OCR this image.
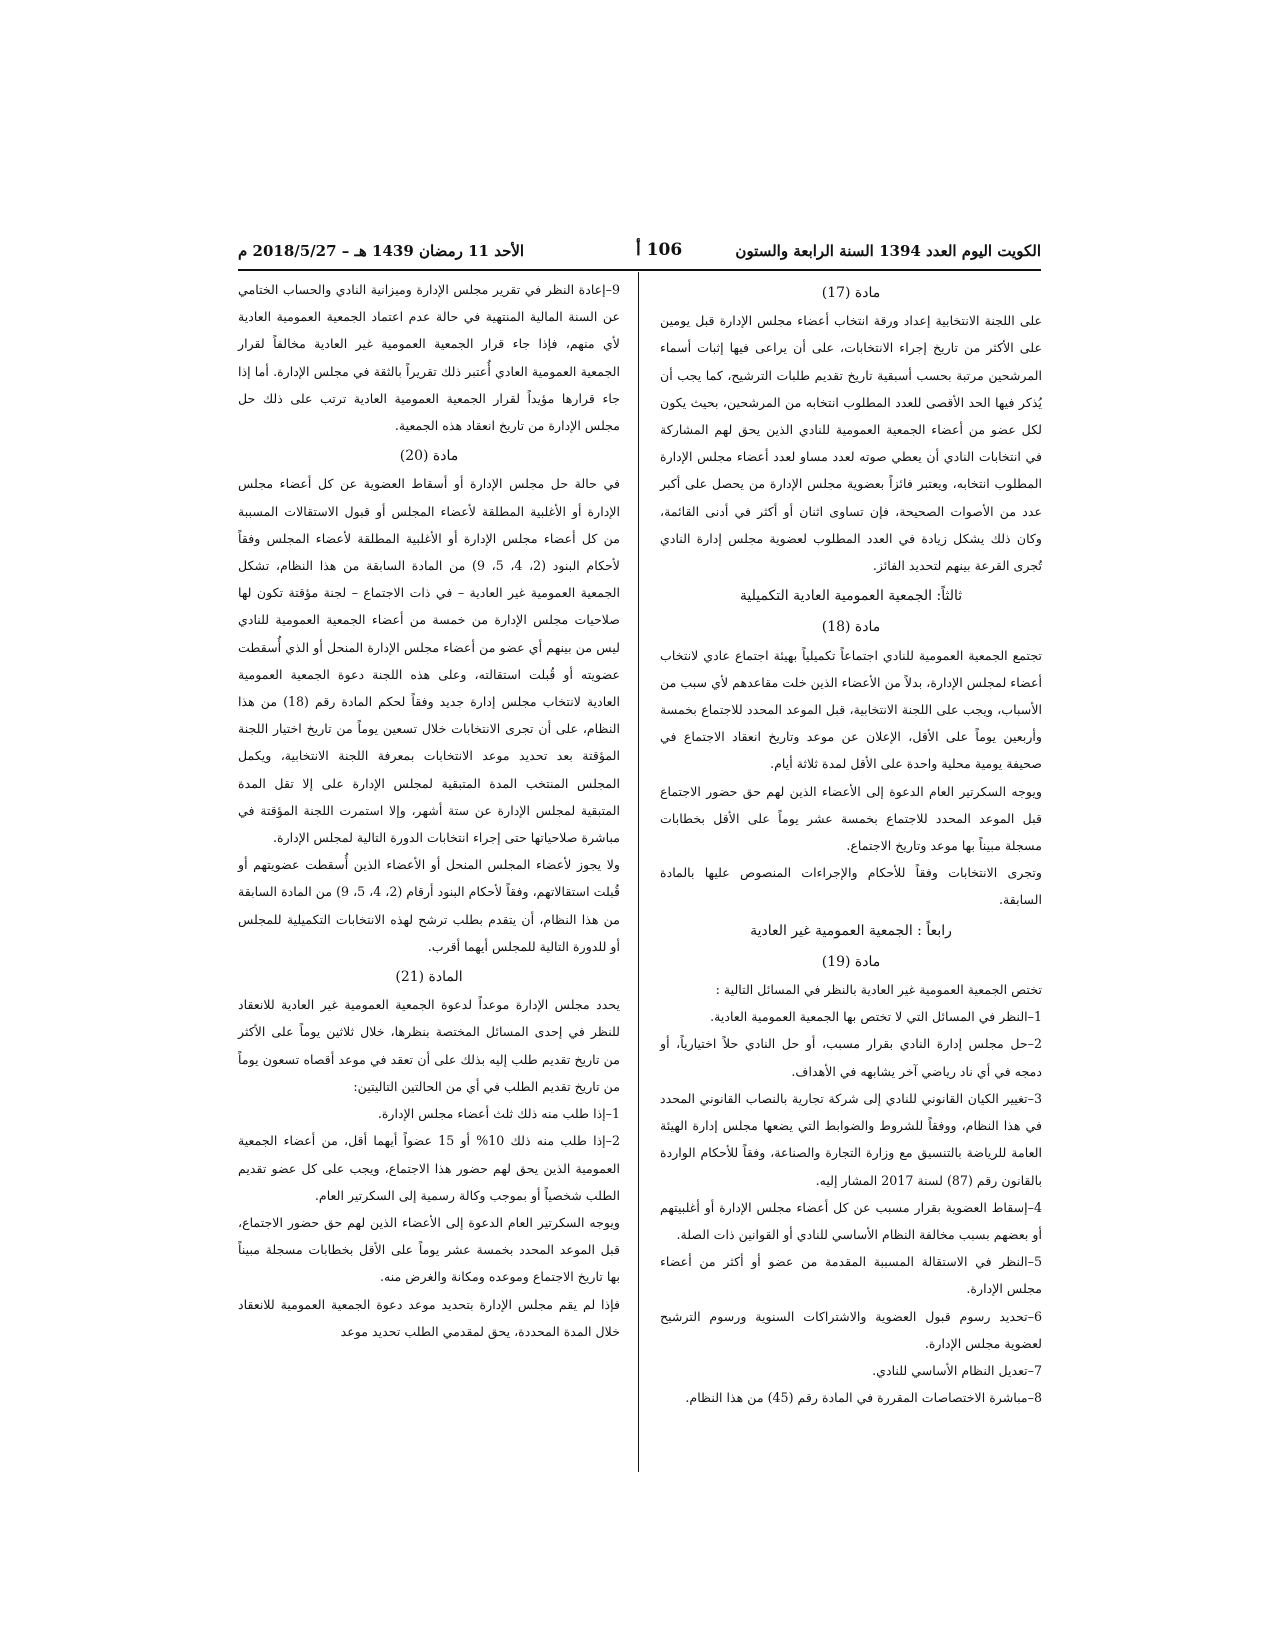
الكويت اليوم العدد 1394 السنة الرابعة والستون
106 أ
الأحد 11 رمضان 1439 هـ – 2018/5/27 م

مادة (17)

على اللجنة الانتخابية إعداد ورقة انتخاب أعضاء مجلس الإدارة قبل يومين على الأكثر من تاريخ إجراء الانتخابات، على أن يراعى فيها إثبات أسماء المرشحين مرتبة بحسب أسبقية تاريخ تقديم طلبات الترشيح، كما يجب أن يُذكر فيها الحد الأقصى للعدد المطلوب انتخابه من المرشحين، بحيث يكون لكل عضو من أعضاء الجمعية العمومية للنادي الذين يحق لهم المشاركة في انتخابات النادي أن يعطي صوته لعدد مساو لعدد أعضاء مجلس الإدارة المطلوب انتخابه، ويعتبر فائزاً بعضوية مجلس الإدارة من يحصل على أكبر عدد من الأصوات الصحيحة، فإن تساوى اثنان أو أكثر في أدنى القائمة، وكان ذلك يشكل زيادة في العدد المطلوب لعضوية مجلس إدارة النادي تُجرى القرعة بينهم لتحديد الفائز.

ثالثاً: الجمعية العمومية العادية التكميلية

مادة (18)

تجتمع الجمعية العمومية للنادي اجتماعاً تكميلياً بهيئة اجتماع عادي لانتخاب أعضاء لمجلس الإدارة، بدلاً من الأعضاء الذين خلت مقاعدهم لأي سبب من الأسباب، ويجب على اللجنة الانتخابية، قبل الموعد المحدد للاجتماع بخمسة وأربعين يوماً على الأقل، الإعلان عن موعد وتاريخ انعقاد الاجتماع في صحيفة يومية محلية واحدة على الأقل لمدة ثلاثة أيام.

ويوجه السكرتير العام الدعوة إلى الأعضاء الذين لهم حق حضور الاجتماع قبل الموعد المحدد للاجتماع بخمسة عشر يوماً على الأقل بخطابات مسجلة مبيناً بها موعد وتاريخ الاجتماع.

وتجرى الانتخابات وفقاً للأحكام والإجراءات المنصوص عليها بالمادة السابقة.

رابعاً : الجمعية العمومية غير العادية

مادة (19)

تختص الجمعية العمومية غير العادية بالنظر في المسائل التالية :

1–النظر في المسائل التي لا تختص بها الجمعية العمومية العادية.

2–حل مجلس إدارة النادي بقرار مسبب، أو حل النادي حلاً اختيارياً، أو دمجه في أي ناد رياضي آخر يشابهه في الأهداف.

3–تغيير الكيان القانوني للنادي إلى شركة تجارية بالنصاب القانوني المحدد في هذا النظام، ووفقاً للشروط والضوابط التي يضعها مجلس إدارة الهيئة العامة للرياضة بالتنسيق مع وزارة التجارة والصناعة، وفقاً للأحكام الواردة بالقانون رقم (87) لسنة 2017 المشار إليه.

4–إسقاط العضوية بقرار مسبب عن كل أعضاء مجلس الإدارة أو أغلبيتهم أو بعضهم بسبب مخالفة النظام الأساسي للنادي أو القوانين ذات الصلة.

5–النظر في الاستقالة المسببة المقدمة من عضو أو أكثر من أعضاء مجلس الإدارة.

6–تحديد رسوم قبول العضوية والاشتراكات السنوية ورسوم الترشيح لعضوية مجلس الإدارة.

7–تعديل النظام الأساسي للنادي.

8–مباشرة الاختصاصات المقررة في المادة رقم (45) من هذا النظام.

9–إعادة النظر في تقرير مجلس الإدارة وميزانية النادي والحساب الختامي عن السنة المالية المنتهية في حالة عدم اعتماد الجمعية العمومية العادية لأي منهم، فإذا جاء قرار الجمعية العمومية غير العادية مخالفاً لقرار الجمعية العمومية العادي أُعتبر ذلك تقريراً بالثقة في مجلس الإدارة. أما إذا جاء قرارها مؤيداً لقرار الجمعية العمومية العادية ترتب على ذلك حل مجلس الإدارة من تاريخ انعقاد هذه الجمعية.

مادة (20)

في حالة حل مجلس الإدارة أو أسقاط العضوية عن كل أعضاء مجلس الإدارة أو الأغلبية المطلقة لأعضاء المجلس أو قبول الاستقالات المسببة من كل أعضاء مجلس الإدارة أو الأغلبية المطلقة لأعضاء المجلس وفقاً لأحكام البنود (2، 4، 5، 9) من المادة السابقة من هذا النظام، تشكل الجمعية العمومية غير العادية – في ذات الاجتماع – لجنة مؤقتة تكون لها صلاحيات مجلس الإدارة من خمسة من أعضاء الجمعية العمومية للنادي ليس من بينهم أي عضو من أعضاء مجلس الإدارة المنحل أو الذي أُسقطت عضويته أو قُبلت استقالته، وعلى هذه اللجنة دعوة الجمعية العمومية العادية لانتخاب مجلس إدارة جديد وفقاً لحكم المادة رقم (18) من هذا النظام، على أن تجرى الانتخابات خلال تسعين يوماً من تاريخ اختيار اللجنة المؤقتة بعد تحديد موعد الانتخابات بمعرفة اللجنة الانتخابية، ويكمل المجلس المنتخب المدة المتبقية لمجلس الإدارة على إلا تقل المدة المتبقية لمجلس الإدارة عن ستة أشهر، وإلا استمرت اللجنة المؤقتة في مباشرة صلاحياتها حتى إجراء انتخابات الدورة التالية لمجلس الإدارة.

ولا يجوز لأعضاء المجلس المنحل أو الأعضاء الذين أُسقطت عضويتهم أو قُبلت استقالاتهم، وفقاً لأحكام البنود أرقام (2، 4، 5، 9) من المادة السابقة من هذا النظام، أن يتقدم بطلب ترشح لهذه الانتخابات التكميلية للمجلس أو للدورة التالية للمجلس أيهما أقرب.

المادة (21)

يحدد مجلس الإدارة موعداً لدعوة الجمعية العمومية غير العادية للانعقاد للنظر في إحدى المسائل المختصة بنظرها، خلال ثلاثين يوماً على الأكثر من تاريخ تقديم طلب إليه بذلك على أن تعقد في موعد أقصاه تسعون يوماً من تاريخ تقديم الطلب في أي من الحالتين التاليتين:

1–إذا طلب منه ذلك ثلث أعضاء مجلس الإدارة.

2–إذا طلب منه ذلك 10% أو 15 عضواً أيهما أقل، من أعضاء الجمعية العمومية الذين يحق لهم حضور هذا الاجتماع، ويجب على كل عضو تقديم الطلب شخصياً أو بموجب وكالة رسمية إلى السكرتير العام.

ويوجه السكرتير العام الدعوة إلى الأعضاء الذين لهم حق حضور الاجتماع، قبل الموعد المحدد بخمسة عشر يوماً على الأقل بخطابات مسجلة مبيناً بها تاريخ الاجتماع وموعده ومكانة والغرض منه.

فإذا لم يقم مجلس الإدارة بتحديد موعد دعوة الجمعية العمومية للانعقاد خلال المدة المحددة، يحق لمقدمي الطلب تحديد موعد
